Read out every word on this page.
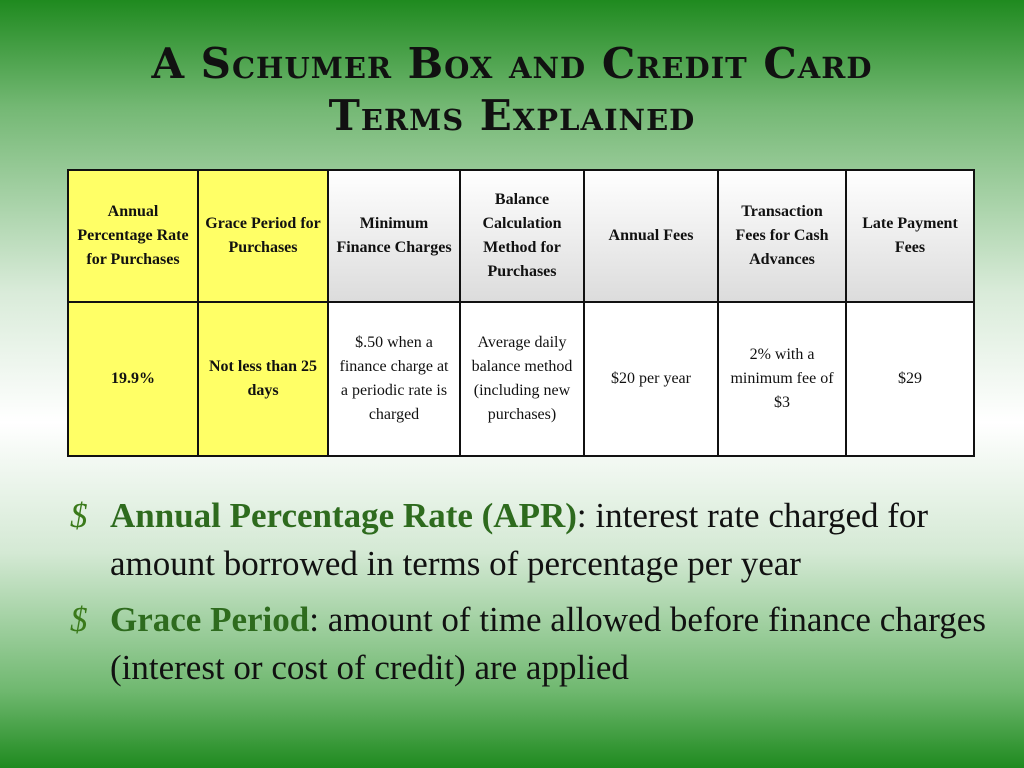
A Schumer Box and Credit Card
Terms Explained
Annual Percentage Rate for Purchases	Grace Period for Purchases	Minimum Finance Charges	Balance Calculation Method for Purchases	Annual Fees	Transaction Fees for Cash Advances	Late Payment Fees
19.9%	Not less than 25 days	$.50 when a finance charge at a periodic rate is charged	Average daily balance method (including new purchases)	$20 per year	2% with a minimum fee of $3	$29
$ Annual Percentage Rate (APR): interest rate charged for amount borrowed in terms of percentage per year
$ Grace Period: amount of time allowed before finance charges (interest or cost of credit) are applied
